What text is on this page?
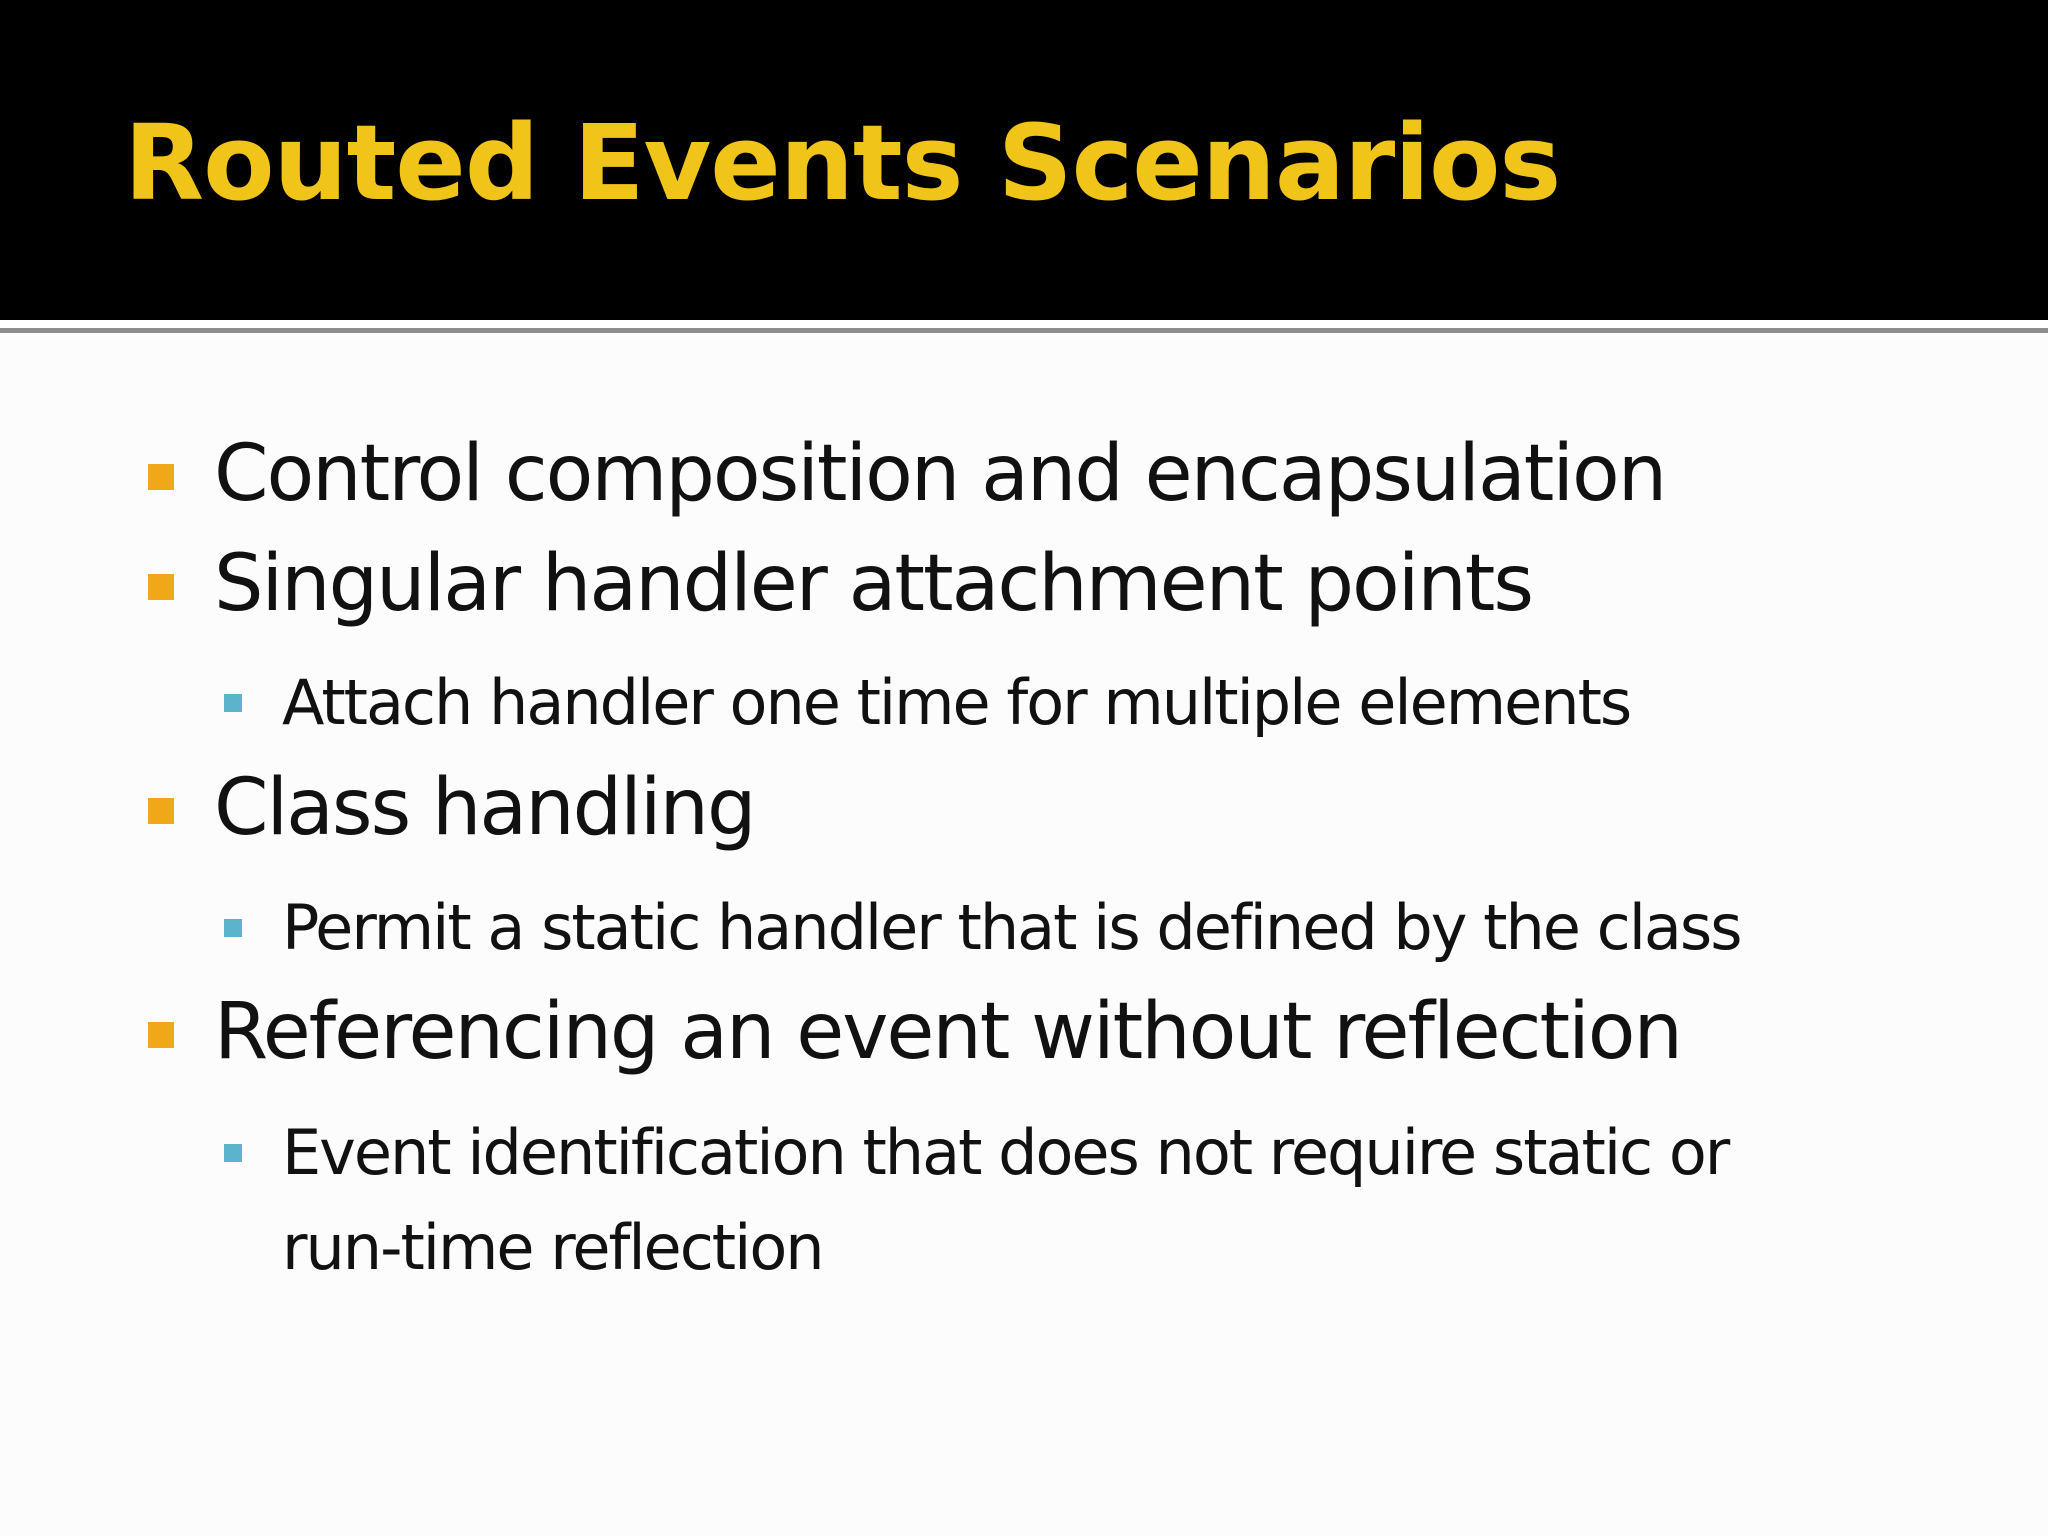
Routed Events Scenarios
Control composition and encapsulation
Singular handler attachment points
Attach handler one time for multiple elements
Class handling
Permit a static handler that is defined by the class
Referencing an event without reflection
Event identification that does not require static or
run-time reflection
